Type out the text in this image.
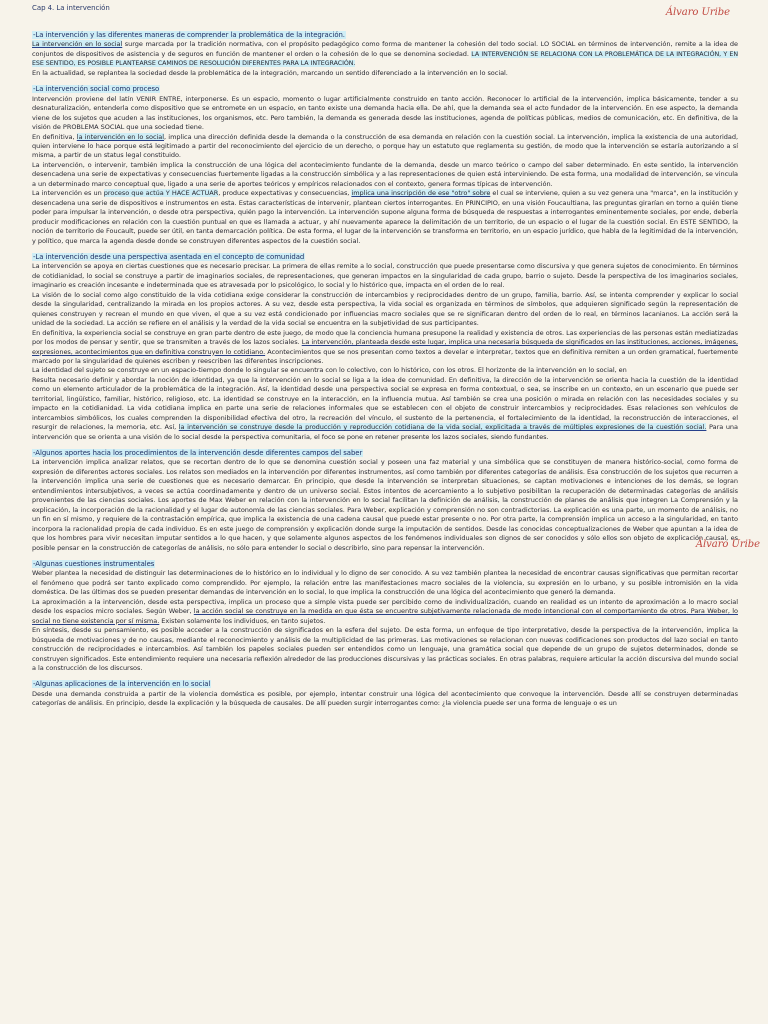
Cap 4. La intervención	Álvaro Uribe
-La intervención y las diferentes maneras de comprender la problemática de la integración.

La intervención en lo social surge marcada por la tradición normativa, con el propósito pedagógico como forma de mantener la cohesión del todo social. LO SOCIAL en términos de intervención, remite a la idea de conjuntos de dispositivos de asistencia y de seguros en función de mantener el orden o la cohesión de lo que se denomina sociedad. LA INTERVENCIÓN SE RELACIONA CON LA PROBLEMÁTICA DE LA INTEGRACIÓN, Y EN ESE SENTIDO, ES POSIBLE PLANTEARSE CAMINOS DE RESOLUCIÓN DIFERENTES PARA LA INTEGRACIÓN.

En la actualidad, se replantea la sociedad desde la problemática de la integración, marcando un sentido diferenciado a la intervención en lo social.

-La intervención social como proceso

Intervención proviene del latín VENIR ENTRE, interponerse. Es un espacio, momento o lugar artificialmente construido en tanto acción. Reconocer lo artificial de la intervención, implica básicamente, tender a su desnaturalización, entenderla como dispositivo que se entromete en un espacio, en tanto existe una demanda hacia ella. De ahí, que la demanda sea el acto fundador de la intervención. En ese aspecto, la demanda viene de los sujetos que acuden a las instituciones, los organismos, etc. Pero también, la demanda es generada desde las instituciones, agenda de políticas públicas, medios de comunicación, etc. En definitiva, de la visión de PROBLEMA SOCIAL que una sociedad tiene.

En definitiva, la intervención en lo social, implica una dirección definida desde la demanda o la construcción de esa demanda en relación con la cuestión social. La intervención, implica la existencia de una autoridad, quien interviene lo hace porque está legitimado a partir del reconocimiento del ejercicio de un derecho, o porque hay un estatuto que reglamenta su gestión, de modo que la intervención se estaría autorizando a sí misma, a partir de un status legal constituido.

La intervención, o intervenir, también implica la construcción de una lógica del acontecimiento fundante de la demanda, desde un marco teórico o campo del saber determinado. En este sentido, la intervención desencadena una serie de expectativas y consecuencias fuertemente ligadas a la construcción simbólica y a las representaciones de quien está interviniendo. De esta forma, una modalidad de intervención, se vincula a un determinado marco conceptual que, ligado a una serie de aportes teóricos y empíricos relacionados con el contexto, genera formas típicas de intervención.

La intervención es un proceso que actúa Y HACE ACTUAR, produce expectativas y consecuencias, implica una inscripción de ese "otro" sobre el cual se interviene, quien a su vez genera una "marca", en la institución y desencadena una serie de dispositivos e instrumentos en esta. Estas características de intervenir, plantean ciertos interrogantes. En PRINCIPIO, en una visión Foucaultiana, las preguntas girarían en torno a quién tiene poder para impulsar la intervención, o desde otra perspectiva, quién pago la intervención. La intervención supone alguna forma de búsqueda de respuestas a interrogantes eminentemente sociales, por ende, debería producir modificaciones en relación con la cuestión puntual en que es llamada a actuar, y ahí nuevamente aparece la delimitación de un territorio, de un espacio o el lugar de la cuestión social. En ESTE SENTIDO, la noción de territorio de Foucault, puede ser útil, en tanta demarcación política. De esta forma, el lugar de la intervención se transforma en territorio, en un espacio jurídico, que habla de la legitimidad de la intervención, y político, que marca la agenda desde donde se construyen diferentes aspectos de la cuestión social.

-La intervención desde una perspectiva asentada en el concepto de comunidad

La intervención se apoya en ciertas cuestiones que es necesario precisar. La primera de ellas remite a lo social, construcción que puede presentarse como discursiva y que genera sujetos de conocimiento. En términos de cotidianidad, lo social se construye a partir de imaginarios sociales, de representaciones, que generan impactos en la singularidad de cada grupo, barrio o sujeto. Desde la perspectiva de los imaginarios sociales, imaginario es creación incesante e indeterminada que es atravesada por lo psicológico, lo social y lo histórico que, impacta en el orden de lo real.

La visión de lo social como algo constituido de la vida cotidiana exige considerar la construcción de intercambios y reciprocidades dentro de un grupo, familia, barrio. Así, se intenta comprender y explicar lo social desde la singularidad, centralizando la mirada en los propios actores. A su vez, desde esta perspectiva, la vida social es organizada en términos de símbolos, que adquieren significado según la representación de quienes construyen y recrean el mundo en que viven, el que a su vez está condicionado por influencias macro sociales que se re significaran dentro del orden de lo real, en términos lacanianos. La acción será la unidad de la sociedad. La acción se refiere en el análisis y la verdad de la vida social se encuentra en la subjetividad de sus participantes.

En definitiva, la experiencia social se construye en gran parte dentro de este juego, de modo que la conciencia humana presupone la realidad y existencia de otros. Las experiencias de las personas están mediatizadas por los modos de pensar y sentir, que se transmiten a través de los lazos sociales. La intervención, planteada desde este lugar, implica una necesaria búsqueda de significados en las instituciones, acciones, imágenes, expresiones, acontecimientos que en definitiva construyen lo cotidiano. Acontecimientos que se nos presentan como textos a develar e interpretar, textos que en definitiva remiten a un orden gramatical, fuertemente marcado por la singularidad de quienes escriben y reescriben las diferentes inscripciones.

La identidad del sujeto se construye en un espacio-tiempo donde lo singular se encuentra con lo colectivo, con lo histórico, con los otros. El horizonte de la intervención en lo social, en

Resulta necesario definir y abordar la noción de identidad, ya que la intervención en lo social se liga a la idea de comunidad. En definitiva, la dirección de la intervención se orienta hacia la cuestión de la identidad como un elemento articulador de la problemática de la integración. Así, la identidad desde una perspectiva social se expresa en forma contextual, o sea, se inscribe en un contexto, en un escenario que puede ser territorial, lingüístico, familiar, histórico, religioso, etc. La identidad se construye en la interacción, en la influencia mutua. Así también se crea una posición o mirada en relación con las necesidades sociales y su impacto en la cotidianidad. La vida cotidiana implica en parte una serie de relaciones informales que se establecen con el objeto de construir intercambios y reciprocidades. Esas relaciones son vehículos de intercambios simbólicos, los cuales comprenden la disponibilidad efectiva del otro, la recreación del vínculo, el sustento de la pertenencia, el fortalecimiento de la identidad, la reconstrucción de interacciones, el resurgir de relaciones, la memoria, etc. Así, la intervención se construye desde la producción y reproducción cotidiana de la vida social, explicitada a través de múltiples expresiones de la cuestión social. Para una intervención que se orienta a una visión de lo social desde la perspectiva comunitaria, el foco se pone en retener presente los lazos sociales, siendo fundantes.

-Algunos aportes hacia los procedimientos de la intervención desde diferentes campos del saber

La intervención implica analizar relatos, que se recortan dentro de lo que se denomina cuestión social y poseen una faz material y una simbólica que se constituyen de manera histórico-social, como forma de expresión de diferentes actores sociales. Los relatos son mediados en la intervención por diferentes instrumentos, así como también por diferentes categorías de análisis. Esa construcción de los sujetos que recurren a la intervención implica una serie de cuestiones que es necesario demarcar. En principio, que desde la intervención se interpretan situaciones, se captan motivaciones e intenciones de los demás, se logran entendimientos intersubjetivos, a veces se actúa coordinadamente y dentro de un universo social. Estos intentos de acercamiento a lo subjetivo posibilitan la recuperación de determinadas categorías de análisis provenientes de las ciencias sociales. Los aportes de Max Weber en relación con la intervención en lo social facilitan la definición de análisis, la construcción de planes de análisis que integren La Comprensión y la explicación, la incorporación de la racionalidad y el lugar de autonomía de las ciencias sociales. Para Weber, explicación y comprensión no son contradictorias. La explicación es una parte, un momento de análisis, no un fin en sí mismo, y requiere de la contrastación empírica, que implica la existencia de una cadena causal que puede estar presente o no. Por otra parte, la comprensión implica un acceso a la singularidad, en tanto incorpora la racionalidad propia de cada individuo. Es en este juego de comprensión y explicación donde surge la imputación de sentidos. Desde las conocidas conceptualizaciones de Weber que apuntan a la idea de que los hombres para vivir necesitan imputar sentidos a lo que hacen, y que solamente algunos aspectos de los fenómenos individuales son dignos de ser conocidos y sólo ellos son objeto de explicación causal, es posible pensar en la construcción de categorías de análisis, no sólo para entender lo social o describirlo, sino para repensar la intervención.

-Algunas cuestiones instrumentales

Weber plantea la necesidad de distinguir las determinaciones de lo histórico en lo individual y lo digno de ser conocido. A su vez también plantea la necesidad de encontrar causas significativas que permitan recortar el fenómeno que podrá ser tanto explicado como comprendido. Por ejemplo, la relación entre las manifestaciones macro sociales de la violencia, su expresión en lo urbano, y su posible intromisión en la vida doméstica. De las últimas dos se pueden presentar demandas de intervención en lo social, lo que implica la construcción de una lógica del acontecimiento que generó la demanda.

La aproximación a la intervención, desde esta perspectiva, implica un proceso que a simple vista puede ser percibido como de individualización, cuando en realidad es un intento de aproximación a lo macro social desde los espacios micro sociales. Según Weber, la acción social se construye en la medida en que ésta se encuentre subjetivamente relacionada de modo intencional con el comportamiento de otros. Para Weber, lo social no tiene existencia por sí misma. Existen solamente los individuos, en tanto sujetos.

En síntesis, desde su pensamiento, es posible acceder a la construcción de significados en la esfera del sujeto. De esta forma, un enfoque de tipo interpretativo, desde la perspectiva de la intervención, implica la búsqueda de motivaciones y de no causas, mediante el reconocimiento y análisis de la multiplicidad de las primeras. Las motivaciones se relacionan con nuevas codificaciones son productos del lazo social en tanto construcción de reciprocidades e intercambios. Así también los papeles sociales pueden ser entendidos como un lenguaje, una gramática social que depende de un grupo de sujetos determinados, donde se construyen significados. Este entendimiento requiere una necesaria reflexión alrededor de las producciones discursivas y las prácticas sociales. En otras palabras, requiere articular la acción discursiva del mundo social a la construcción de los discursos.

-Algunas aplicaciones de la intervención en lo social

Desde una demanda construida a partir de la violencia doméstica es posible, por ejemplo, intentar construir una lógica del acontecimiento que convoque la intervención. Desde allí se construyen determinadas categorías de análisis. En principio, desde la explicación y la búsqueda de causales. De allí pueden surgir interrogantes como: ¿la violencia puede ser una forma de lenguaje o es un

Álvaro Uribe
